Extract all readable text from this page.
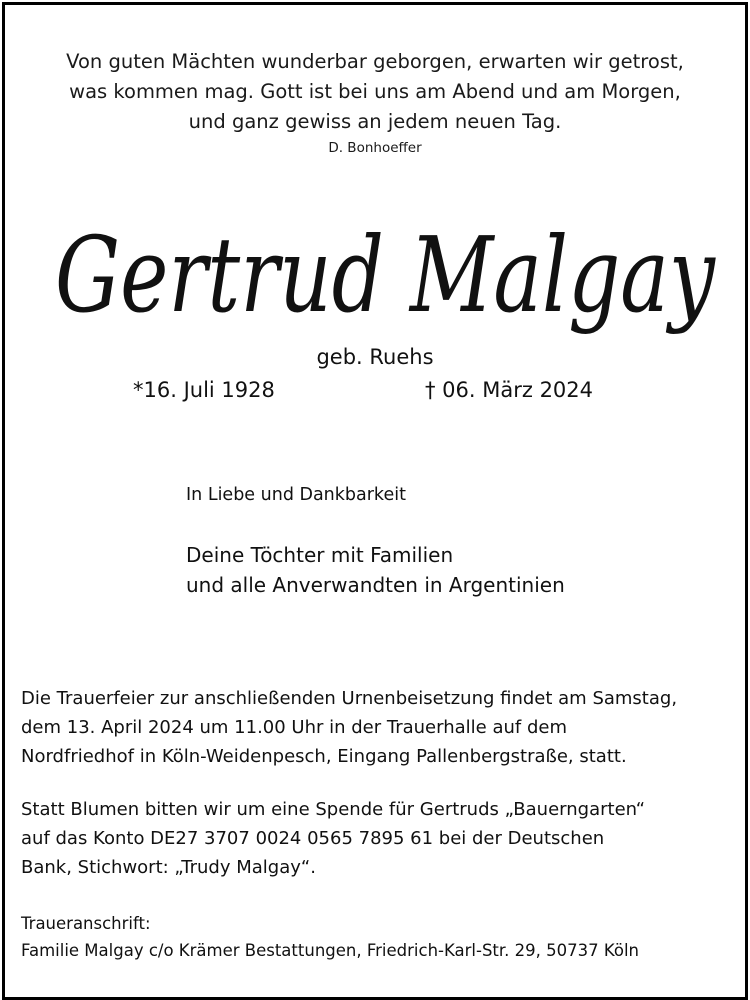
Von guten Mächten wunderbar geborgen, erwarten wir getrost,
was kommen mag. Gott ist bei uns am Abend und am Morgen,
und ganz gewiss an jedem neuen Tag.
D. Bonhoeffer
Gertrud Malgay
geb. Ruehs
*16. Juli 1928	† 06. März 2024
In Liebe und Dankbarkeit
Deine Töchter mit Familien
und alle Anverwandten in Argentinien
Die Trauerfeier zur anschließenden Urnenbeisetzung findet am Samstag,
dem 13. April 2024 um 11.00 Uhr in der Trauerhalle auf dem
Nordfriedhof in Köln-Weidenpesch, Eingang Pallenbergstraße, statt.
Statt Blumen bitten wir um eine Spende für Gertruds „Bauerngarten“
auf das Konto DE27 3707 0024 0565 7895 61 bei der Deutschen
Bank, Stichwort: „Trudy Malgay“.
Traueranschrift:
Familie Malgay c/o Krämer Bestattungen, Friedrich-Karl-Str. 29, 50737 Köln
